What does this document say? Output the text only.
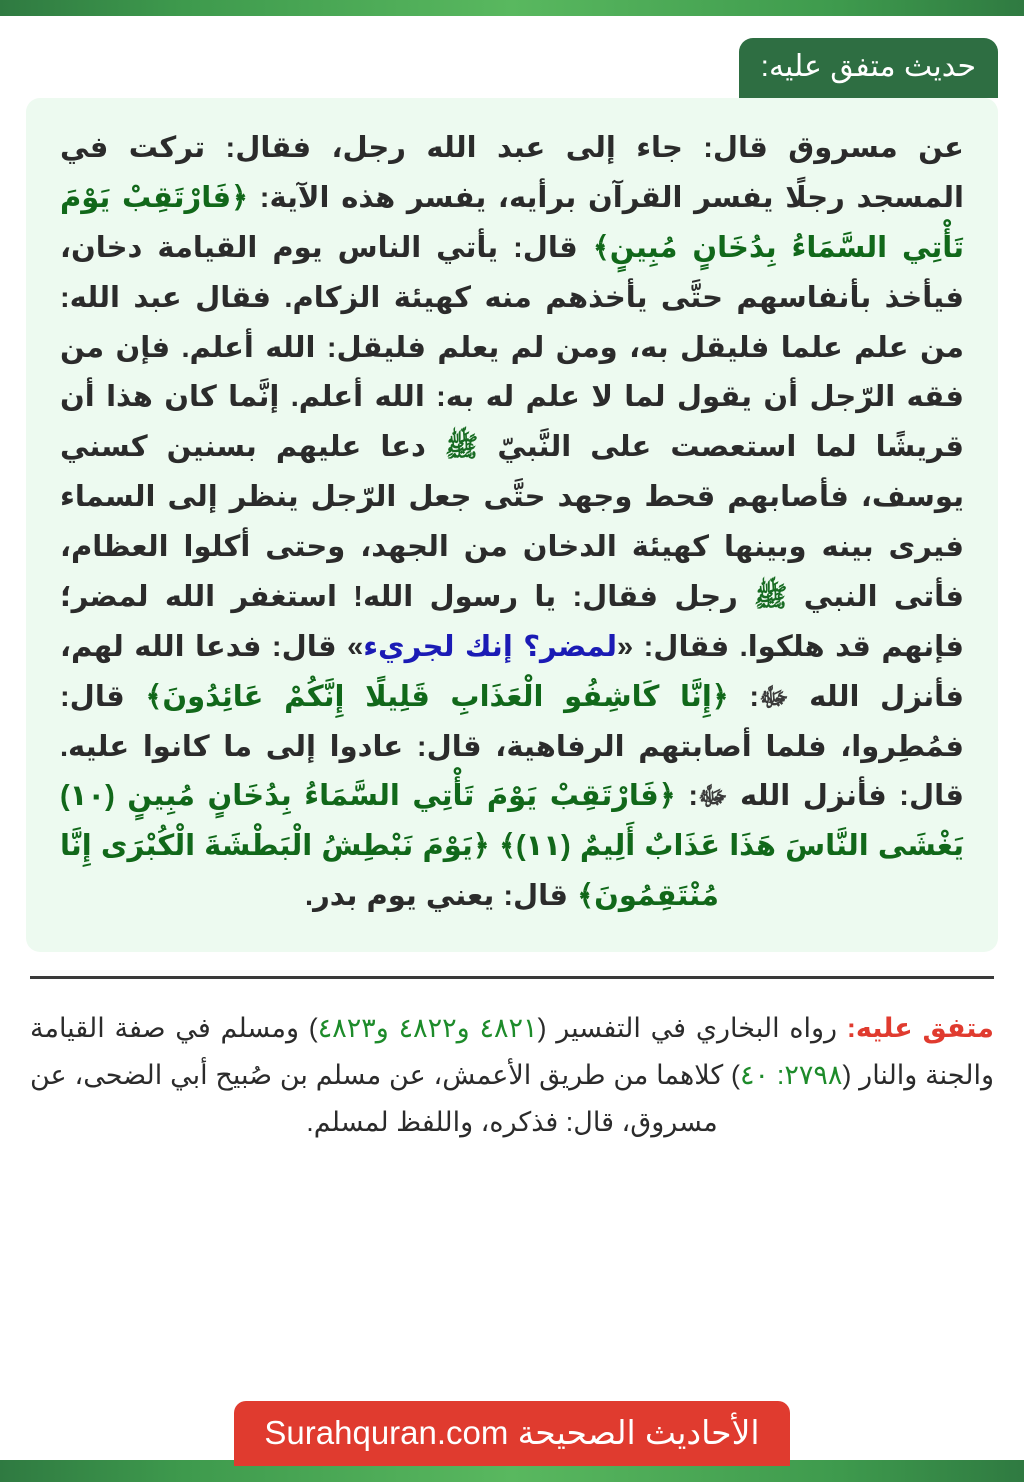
حديث متفق عليه:

عن مسروق قال: جاء إلى عبد الله رجل، فقال: تركت في المسجد رجلًا يفسر القرآن برأيه، يفسر هذه الآية: ﴿فَارْتَقِبْ يَوْمَ تَأْتِي السَّمَاءُ بِدُخَانٍ مُبِينٍ﴾ قال: يأتي الناس يوم القيامة دخان، فيأخذ بأنفاسهم حتَّى يأخذهم منه كهيئة الزكام. فقال عبد الله: من علم علما فليقل به، ومن لم يعلم فليقل: الله أعلم. فإن من فقه الرّجل أن يقول لما لا علم له به: الله أعلم. إنَّما كان هذا أن قريشًا لما استعصت على النَّبيّ ﷺ دعا عليهم بسنين كسني يوسف، فأصابهم قحط وجهد حتَّى جعل الرّجل ينظر إلى السماء فيرى بينه وبينها كهيئة الدخان من الجهد، وحتى أكلوا العظام، فأتى النبي ﷺ رجل فقال: يا رسول الله! استغفر الله لمضر؛ فإنهم قد هلكوا. فقال: «لمضر؟ إنك لجريء» قال: فدعا الله لهم، فأنزل الله ﷻ: ﴿إِنَّا كَاشِفُو الْعَذَابِ قَلِيلًا إِنَّكُمْ عَائِدُونَ﴾ قال: فمُطِروا، فلما أصابتهم الرفاهية، قال: عادوا إلى ما كانوا عليه. قال: فأنزل الله ﷻ: ﴿فَارْتَقِبْ يَوْمَ تَأْتِي السَّمَاءُ بِدُخَانٍ مُبِينٍ (١٠) يَغْشَى النَّاسَ هَذَا عَذَابٌ أَلِيمٌ (١١)﴾ ﴿يَوْمَ نَبْطِشُ الْبَطْشَةَ الْكُبْرَى إِنَّا مُنْتَقِمُونَ﴾ قال: يعني يوم بدر.

متفق عليه: رواه البخاري في التفسير (٤٨٢١ و٤٨٢٢ و٤٨٢٣) ومسلم في صفة القيامة والجنة والنار (٢٧٩٨: ٤٠) كلاهما من طريق الأعمش، عن مسلم بن صُبيح أبي الضحى، عن مسروق، قال: فذكره، واللفظ لمسلم.

الأحاديث الصحيحة Surahquran.com
